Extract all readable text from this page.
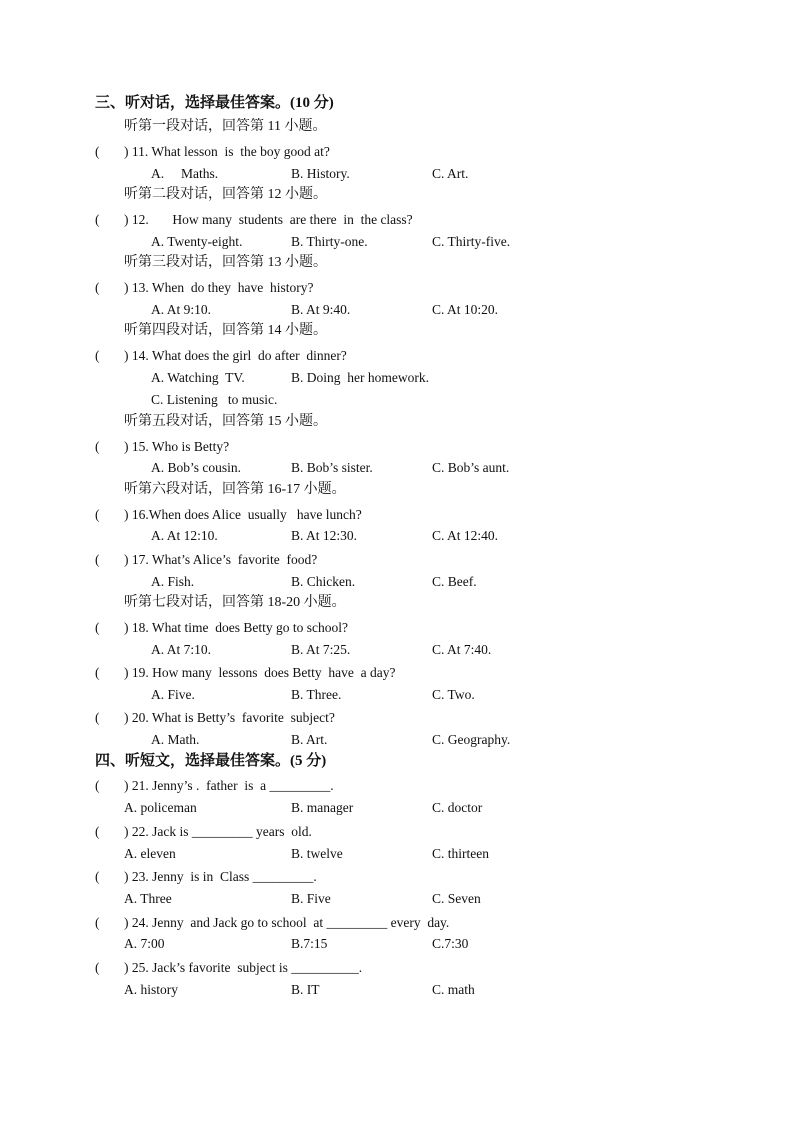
三、听对话，选择最佳答案。(10 分)
听第一段对话，回答第 11 小题。
( ) 11. What lesson  is  the boy good at?
A.     Maths.	B. History.	C. Art.
听第二段对话，回答第 12 小题。
( ) 12.       How many  students  are there  in  the class?
A. Twenty-eight.	B. Thirty-one.	C. Thirty-five.
听第三段对话，回答第 13 小题。
( ) 13. When  do they  have  history?
A. At 9:10.	B. At 9:40.	C. At 10:20.
听第四段对话，回答第 14 小题。
( ) 14. What does the girl  do after  dinner?
A. Watching  TV.	B. Doing  her homework.
C. Listening   to music.
听第五段对话，回答第 15 小题。
( ) 15. Who is Betty?
A. Bob’s cousin.	B. Bob’s sister.	C. Bob’s aunt.
听第六段对话，回答第 16-17 小题。
( ) 16.When does Alice  usually   have lunch?
A. At 12:10.	B. At 12:30.	C. At 12:40.
( ) 17. What’s Alice’s  favorite  food?
A. Fish.	B. Chicken.	C. Beef.
听第七段对话，回答第 18-20 小题。
( ) 18. What time  does Betty go to school?
A. At 7:10.	B. At 7:25.	C. At 7:40.
( ) 19. How many  lessons  does Betty  have  a day?
A. Five.	B. Three.	C. Two.
( ) 20. What is Betty’s  favorite  subject?
A. Math.	B. Art.	C. Geography.
四、听短文，选择最佳答案。(5 分)
( ) 21. Jenny’s .  father  is  a _________.
A. policeman	B. manager	C. doctor
( ) 22. Jack is _________ years  old.
A. eleven	B. twelve	C. thirteen
( ) 23. Jenny  is in  Class _________.
A. Three	B. Five	C. Seven
( ) 24. Jenny  and Jack go to school  at _________ every  day.
A. 7:00	B.7:15	C.7:30
( ) 25. Jack’s favorite  subject is __________.
A. history	B. IT	C. math
